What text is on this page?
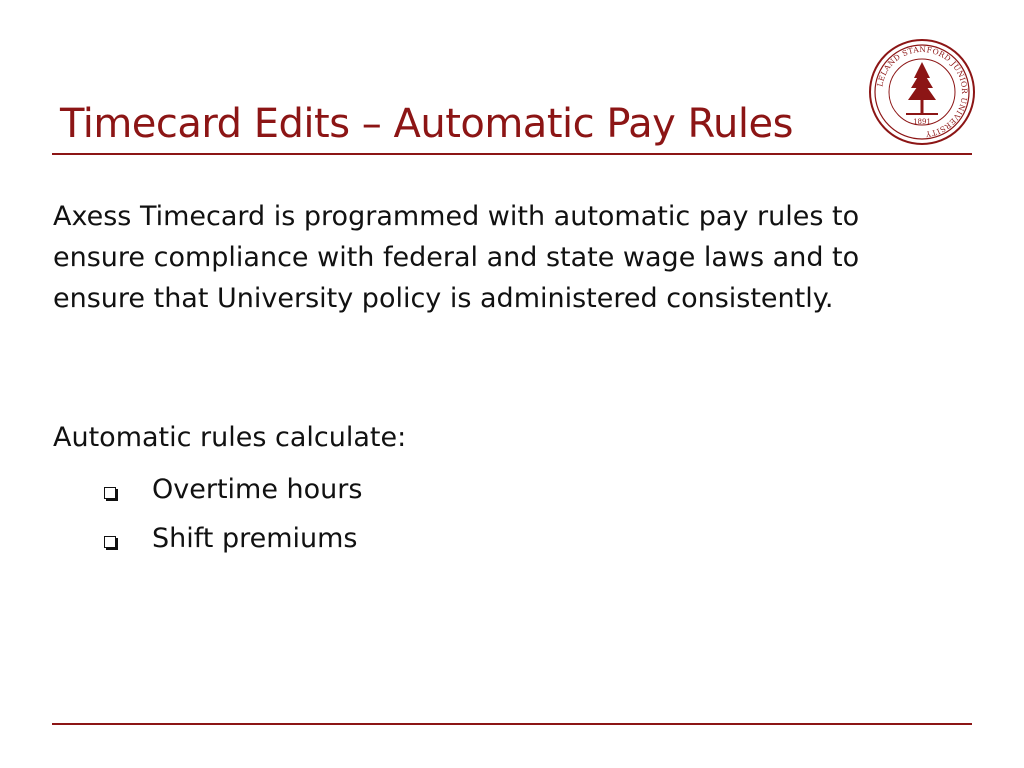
LELAND STANFORD JUNIOR UNIVERSITY
1891
Timecard Edits – Automatic Pay Rules

Axess Timecard is programmed with automatic pay rules to ensure compliance with federal and state wage laws and to ensure that University policy is administered consistently.

Automatic rules calculate:

Overtime hours
Shift premiums
